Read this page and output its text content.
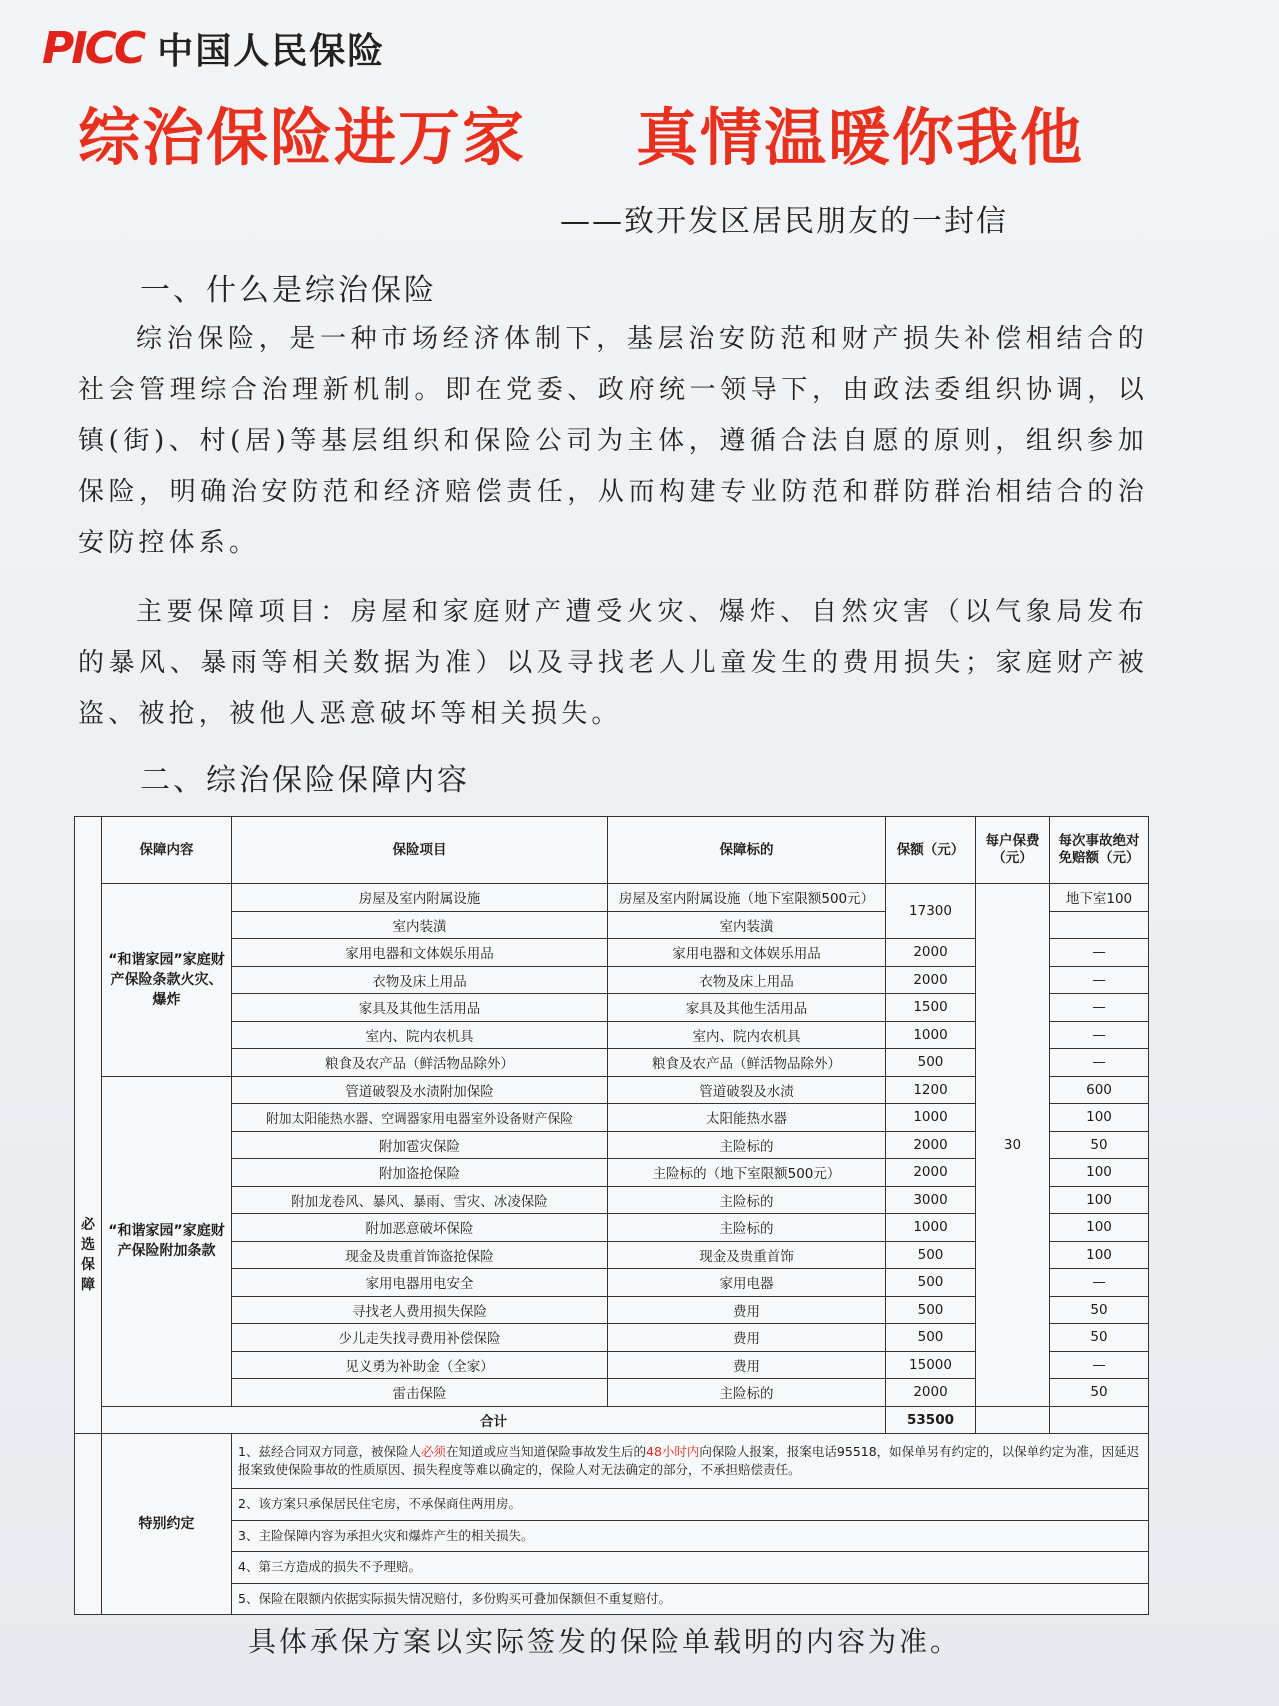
PICC 中国人民保险
综治保险进万家 真情温暖你我他
——致开发区居民朋友的一封信
一、什么是综治保险

综治保险，是一种市场经济体制下，基层治安防范和财产损失补偿相结合的社会管理综合治理新机制。即在党委、政府统一领导下，由政法委组织协调，以镇(街)、村(居)等基层组织和保险公司为主体，遵循合法自愿的原则，组织参加保险，明确治安防范和经济赔偿责任，从而构建专业防范和群防群治相结合的治安防控体系。

主要保障项目：房屋和家庭财产遭受火灾、爆炸、自然灾害（以气象局发布的暴风、暴雨等相关数据为准）以及寻找老人儿童发生的费用损失；家庭财产被盗、被抢，被他人恶意破坏等相关损失。

二、综治保险保障内容
必选保障	保障内容	保险项目	保障标的	保额（元）	每户保费（元）	每次事故绝对免赔额（元）
	“和谐家园”家庭财产保险条款火灾、爆炸	房屋及室内附属设施	房屋及室内附属设施（地下室限额500元）	17300	30	地下室100
		室内装潢	室内装潢			
		家用电器和文体娱乐用品	家用电器和文体娱乐用品	2000		—
		衣物及床上用品	衣物及床上用品	2000		—
		家具及其他生活用品	家具及其他生活用品	1500		—
		室内、院内农机具	室内、院内农机具	1000		—
		粮食及农产品（鲜活物品除外）	粮食及农产品（鲜活物品除外）	500		—
	“和谐家园”家庭财产保险附加条款	管道破裂及水渍附加保险	管道破裂及水渍	1200		600
		附加太阳能热水器、空调器家用电器室外设备财产保险	太阳能热水器	1000		100
		附加雹灾保险	主险标的	2000		50
		附加盗抢保险	主险标的（地下室限额500元）	2000		100
		附加龙卷风、暴风、暴雨、雪灾、冰凌保险	主险标的	3000		100
		附加恶意破坏保险	主险标的	1000		100
		现金及贵重首饰盗抢保险	现金及贵重首饰	500		100
		家用电器用电安全	家用电器	500		—
		寻找老人费用损失保险	费用	500		50
		少儿走失找寻费用补偿保险	费用	500		50
		见义勇为补助金（全家）	费用	15000		—
		雷击保险	主险标的	2000		50
	合计			53500		
	特别约定	1、兹经合同双方同意，被保险人必须在知道或应当知道保险事故发生后的48小时内向保险人报案，报案电话95518，如保单另有约定的，以保单约定为准，因延迟报案致使保险事故的性质原因、损失程度等难以确定的，保险人对无法确定的部分，不承担赔偿责任。				
		2、该方案只承保居民住宅房，不承保商住两用房。				
		3、主险保障内容为承担火灾和爆炸产生的相关损失。				
		4、第三方造成的损失不予理赔。				
		5、保险在限额内依据实际损失情况赔付，多份购买可叠加保额但不重复赔付。				
具体承保方案以实际签发的保险单载明的内容为准。
